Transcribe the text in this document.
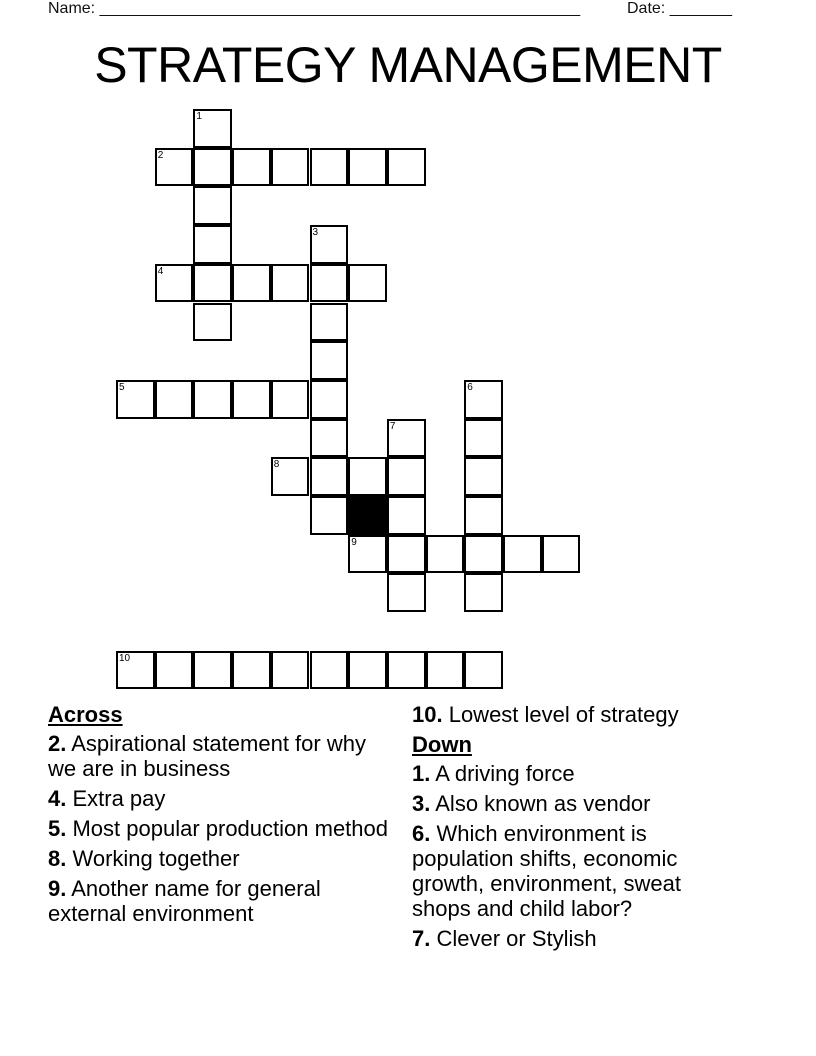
Name: ______________________________________________________	Date: _______
STRATEGY MANAGEMENT
1
2
3
4
5	6
7
8
9
10
Across
2. Aspirational statement for why we are in business
4. Extra pay
5. Most popular production method
8. Working together
9. Another name for general external environment
10. Lowest level of strategy
Down
1. A driving force
3. Also known as vendor
6. Which environment is population shifts, economic growth, environment, sweat shops and child labor?
7. Clever or Stylish
